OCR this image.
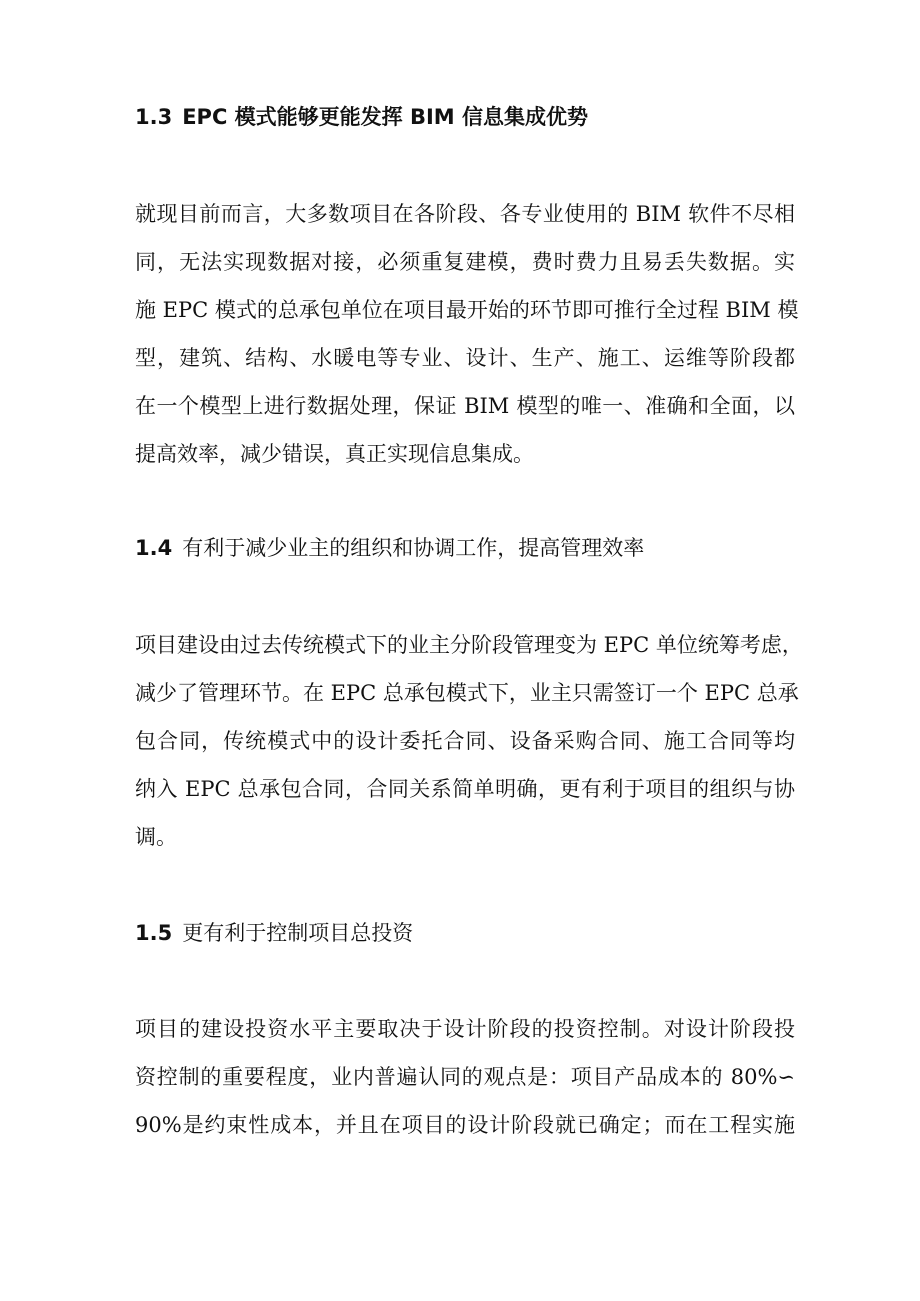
1.3 EPC 模式能够更能发挥 BIM 信息集成优势

就现目前而言，大多数项目在各阶段、各专业使用的 BIM 软件不尽相
同，无法实现数据对接，必须重复建模，费时费力且易丢失数据。实
施 EPC 模式的总承包单位在项目最开始的环节即可推行全过程 BIM 模
型，建筑、结构、水暖电等专业、设计、生产、施工、运维等阶段都
在一个模型上进行数据处理，保证 BIM 模型的唯一、准确和全面，以
提高效率，减少错误，真正实现信息集成。

1.4 有利于减少业主的组织和协调工作，提高管理效率

项目建设由过去传统模式下的业主分阶段管理变为 EPC 单位统筹考虑，
减少了管理环节。在 EPC 总承包模式下，业主只需签订一个 EPC 总承
包合同，传统模式中的设计委托合同、设备采购合同、施工合同等均
纳入 EPC 总承包合同，合同关系简单明确，更有利于项目的组织与协
调。

1.5 更有利于控制项目总投资

项目的建设投资水平主要取决于设计阶段的投资控制。对设计阶段投
资控制的重要程度，业内普遍认同的观点是：项目产品成本的 80%∽
90%是约束性成本，并且在项目的设计阶段就已确定；而在工程实施
